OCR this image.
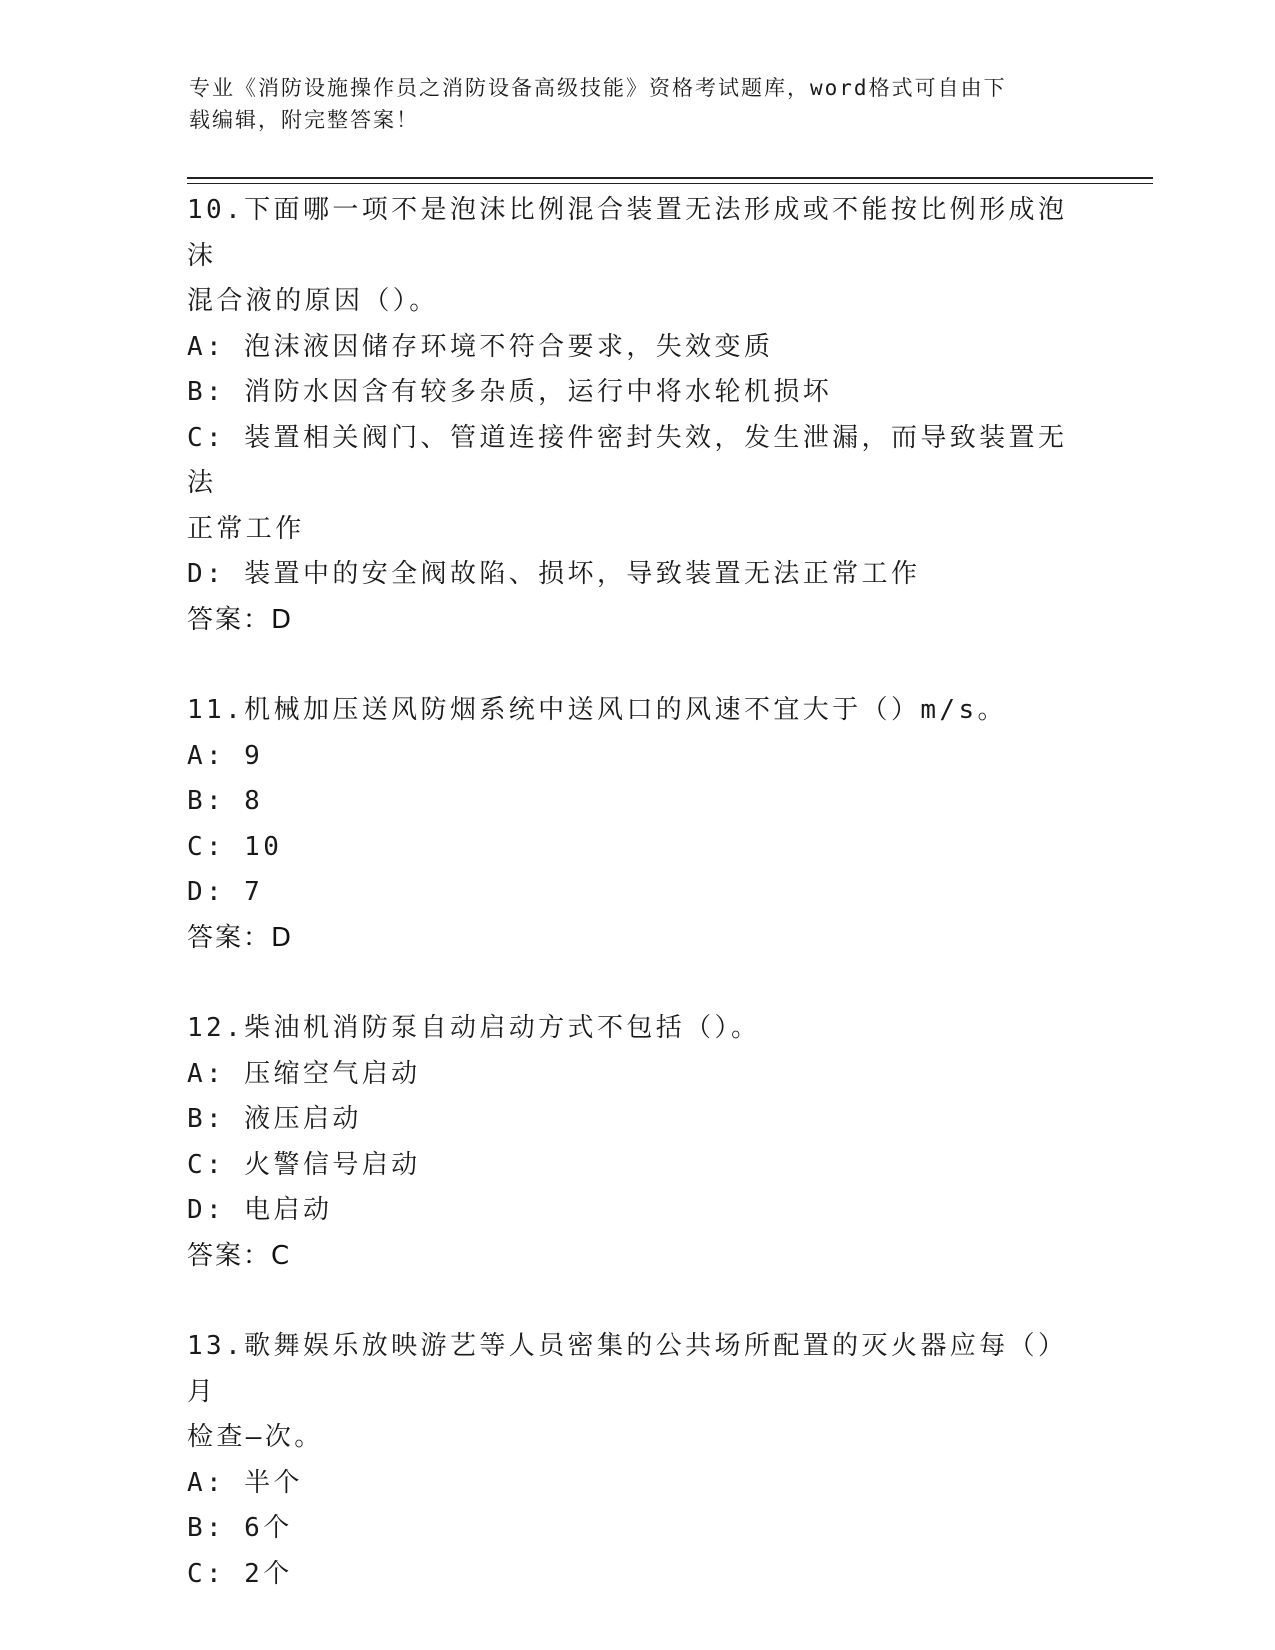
专业《消防设施操作员之消防设备高级技能》资格考试题库，word格式可自由下
载编辑，附完整答案！

10.下面哪一项不是泡沫比例混合装置无法形成或不能按比例形成泡沫

混合液的原因（）。

A: 泡沫液因储存环境不符合要求，失效变质

B: 消防水因含有较多杂质，运行中将水轮机损坏

C: 装置相关阀门、管道连接件密封失效，发生泄漏，而导致装置无法

正常工作

D: 装置中的安全阀故陷、损坏，导致装置无法正常工作

答案：D

11.机械加压送风防烟系统中送风口的风速不宜大于（）m/s。

A: 9

B: 8

C: 10

D: 7

答案：D

12.柴油机消防泵自动启动方式不包括（）。

A: 压缩空气启动

B: 液压启动

C: 火警信号启动

D: 电启动

答案：C

13.歌舞娱乐放映游艺等人员密集的公共场所配置的灭火器应每（）月

检查—次。

A: 半个

B: 6个

C: 2个
